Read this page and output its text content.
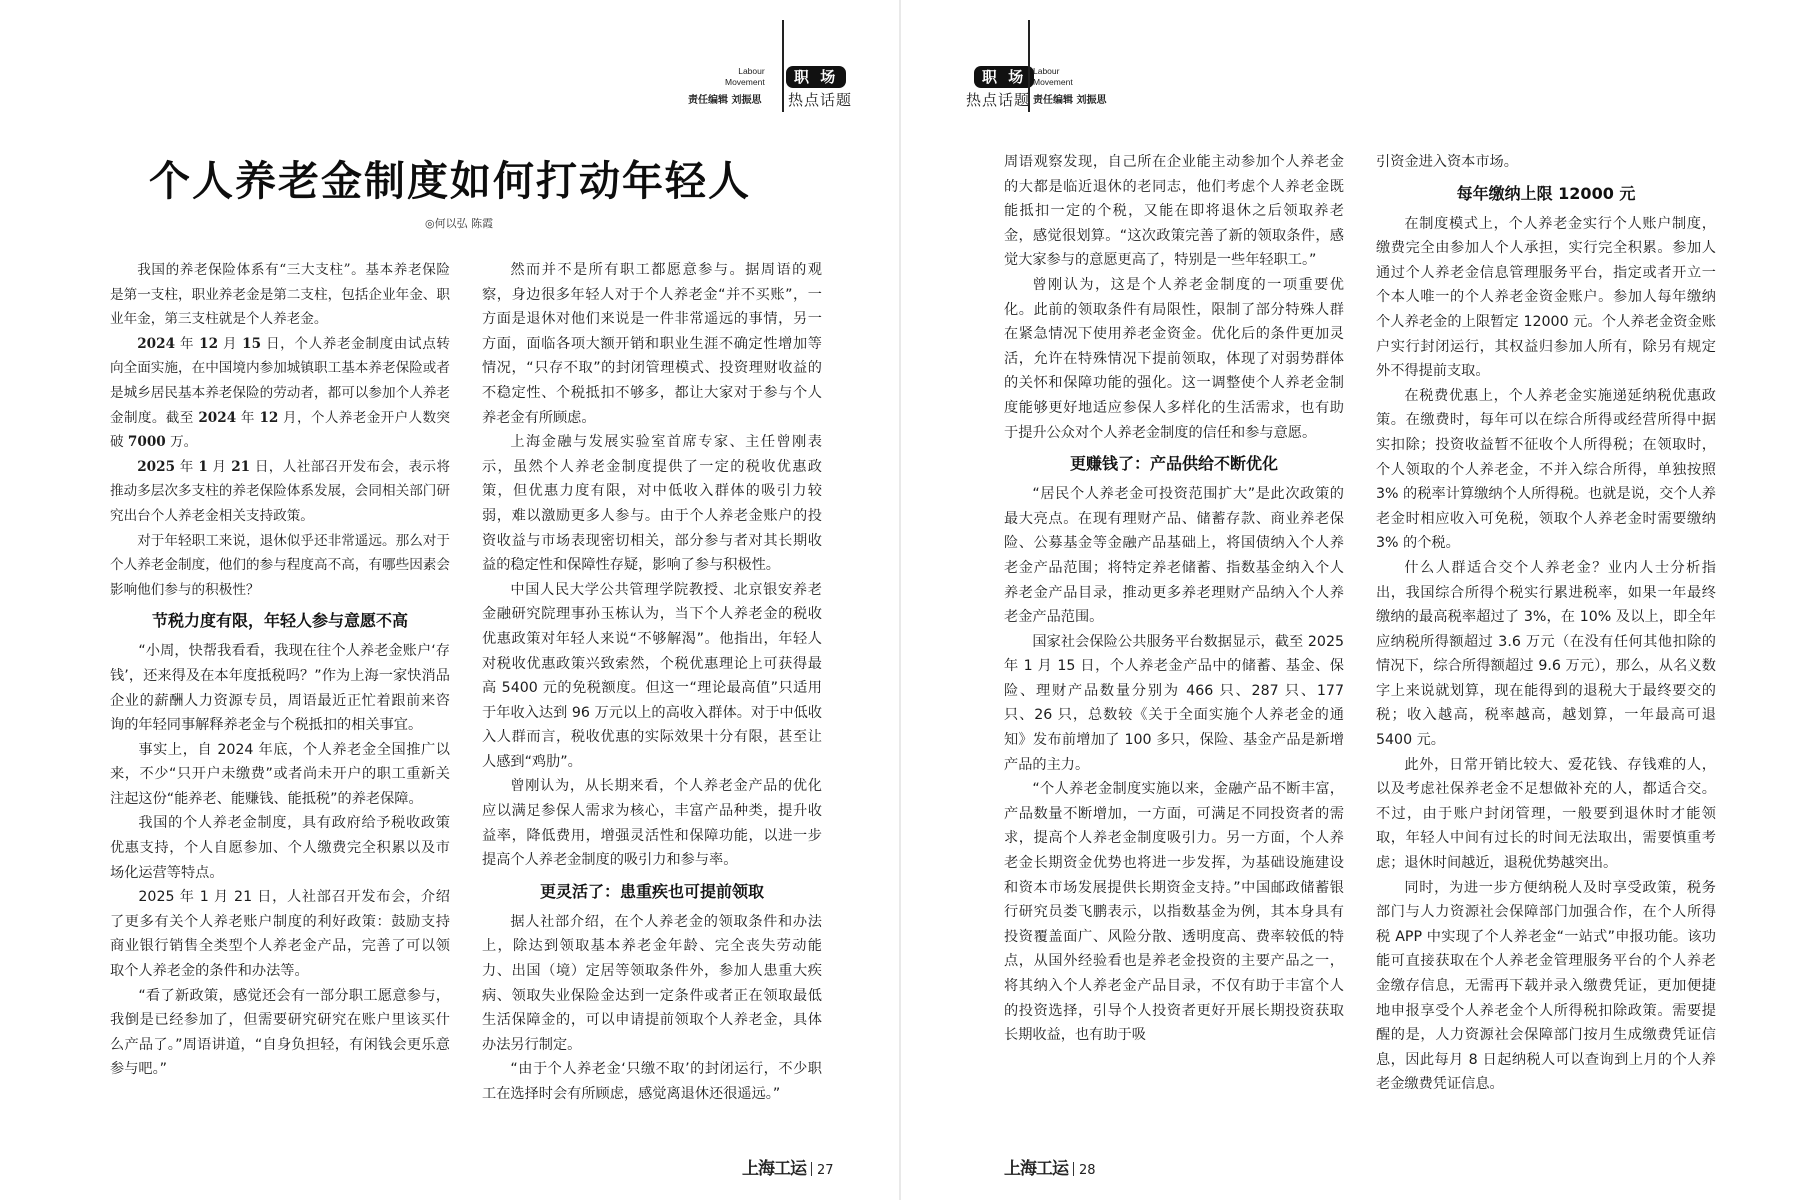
Labour
Movement	职 场
责任编辑 刘振思 热点话题
个人养老金制度如何打动年轻人
◎何以弘 陈霞

我国的养老保险体系有“三大支柱”。基本养老保险是第一支柱，职业养老金是第二支柱，包括企业年金、职业年金，第三支柱就是个人养老金。

2024 年 12 月 15 日，个人养老金制度由试点转向全面实施，在中国境内参加城镇职工基本养老保险或者是城乡居民基本养老保险的劳动者，都可以参加个人养老金制度。截至 2024 年 12 月，个人养老金开户人数突破 7000 万。

2025 年 1 月 21 日，人社部召开发布会，表示将推动多层次多支柱的养老保险体系发展，会同相关部门研究出台个人养老金相关支持政策。

对于年轻职工来说，退休似乎还非常遥远。那么对于个人养老金制度，他们的参与程度高不高，有哪些因素会影响他们参与的积极性？

节税力度有限，年轻人参与意愿不高

“小周，快帮我看看，我现在往个人养老金账户‘存钱’，还来得及在本年度抵税吗？”作为上海一家快消品企业的薪酬人力资源专员，周语最近正忙着跟前来咨询的年轻同事解释养老金与个税抵扣的相关事宜。

事实上，自 2024 年底，个人养老金全国推广以来，不少“只开户未缴费”或者尚未开户的职工重新关注起这份“能养老、能赚钱、能抵税”的养老保障。

我国的个人养老金制度，具有政府给予税收政策优惠支持，个人自愿参加、个人缴费完全积累以及市场化运营等特点。

2025 年 1 月 21 日，人社部召开发布会，介绍了更多有关个人养老账户制度的利好政策：鼓励支持商业银行销售全类型个人养老金产品，完善了可以领取个人养老金的条件和办法等。

“看了新政策，感觉还会有一部分职工愿意参与，我倒是已经参加了，但需要研究研究在账户里该买什么产品了。”周语讲道，“自身负担轻，有闲钱会更乐意参与吧。”

然而并不是所有职工都愿意参与。据周语的观察，身边很多年轻人对于个人养老金“并不买账”，一方面是退休对他们来说是一件非常遥远的事情，另一方面，面临各项大额开销和职业生涯不确定性增加等情况，“只存不取”的封闭管理模式、投资理财收益的不稳定性、个税抵扣不够多，都让大家对于参与个人养老金有所顾虑。

上海金融与发展实验室首席专家、主任曾刚表示，虽然个人养老金制度提供了一定的税收优惠政策，但优惠力度有限，对中低收入群体的吸引力较弱，难以激励更多人参与。由于个人养老金账户的投资收益与市场表现密切相关，部分参与者对其长期收益的稳定性和保障性存疑，影响了参与积极性。

中国人民大学公共管理学院教授、北京银安养老金融研究院理事孙玉栋认为，当下个人养老金的税收优惠政策对年轻人来说“不够解渴”。他指出，年轻人对税收优惠政策兴致索然，个税优惠理论上可获得最高 5400 元的免税额度。但这一“理论最高值”只适用于年收入达到 96 万元以上的高收入群体。对于中低收入人群而言，税收优惠的实际效果十分有限，甚至让人感到“鸡肋”。

曾刚认为，从长期来看，个人养老金产品的优化应以满足参保人需求为核心，丰富产品种类，提升收益率，降低费用，增强灵活性和保障功能，以进一步提高个人养老金制度的吸引力和参与率。

更灵活了：患重疾也可提前领取

据人社部介绍，在个人养老金的领取条件和办法上，除达到领取基本养老金年龄、完全丧失劳动能力、出国（境）定居等领取条件外，参加人患重大疾病、领取失业保险金达到一定条件或者正在领取最低生活保障金的，可以申请提前领取个人养老金，具体办法另行制定。

“由于个人养老金‘只缴不取’的封闭运行，不少职工在选择时会有所顾虑，感觉离退休还很遥远。”

上海工运 27
职 场 Labour
Movement
热点话题 责任编辑 刘振思

周语观察发现，自己所在企业能主动参加个人养老金的大都是临近退休的老同志，他们考虑个人养老金既能抵扣一定的个税，又能在即将退休之后领取养老金，感觉很划算。“这次政策完善了新的领取条件，感觉大家参与的意愿更高了，特别是一些年轻职工。”

曾刚认为，这是个人养老金制度的一项重要优化。此前的领取条件有局限性，限制了部分特殊人群在紧急情况下使用养老金资金。优化后的条件更加灵活，允许在特殊情况下提前领取，体现了对弱势群体的关怀和保障功能的强化。这一调整使个人养老金制度能够更好地适应参保人多样化的生活需求，也有助于提升公众对个人养老金制度的信任和参与意愿。

更赚钱了：产品供给不断优化

“居民个人养老金可投资范围扩大”是此次政策的最大亮点。在现有理财产品、储蓄存款、商业养老保险、公募基金等金融产品基础上，将国债纳入个人养老金产品范围；将特定养老储蓄、指数基金纳入个人养老金产品目录，推动更多养老理财产品纳入个人养老金产品范围。

国家社会保险公共服务平台数据显示，截至 2025 年 1 月 15 日，个人养老金产品中的储蓄、基金、保险、理财产品数量分别为 466 只、287 只、177 只、26 只，总数较《关于全面实施个人养老金的通知》发布前增加了 100 多只，保险、基金产品是新增产品的主力。

“个人养老金制度实施以来，金融产品不断丰富，产品数量不断增加，一方面，可满足不同投资者的需求，提高个人养老金制度吸引力。另一方面，个人养老金长期资金优势也将进一步发挥，为基础设施建设和资本市场发展提供长期资金支持。”中国邮政储蓄银行研究员娄飞鹏表示，以指数基金为例，其本身具有投资覆盖面广、风险分散、透明度高、费率较低的特点，从国外经验看也是养老金投资的主要产品之一，将其纳入个人养老金产品目录，不仅有助于丰富个人的投资选择，引导个人投资者更好开展长期投资获取长期收益，也有助于吸

引资金进入资本市场。

每年缴纳上限 12000 元

在制度模式上，个人养老金实行个人账户制度，缴费完全由参加人个人承担，实行完全积累。参加人通过个人养老金信息管理服务平台，指定或者开立一个本人唯一的个人养老金资金账户。参加人每年缴纳个人养老金的上限暂定 12000 元。个人养老金资金账户实行封闭运行，其权益归参加人所有，除另有规定外不得提前支取。

在税费优惠上，个人养老金实施递延纳税优惠政策。在缴费时，每年可以在综合所得或经营所得中据实扣除；投资收益暂不征收个人所得税；在领取时，个人领取的个人养老金，不并入综合所得，单独按照 3% 的税率计算缴纳个人所得税。也就是说，交个人养老金时相应收入可免税，领取个人养老金时需要缴纳 3% 的个税。

什么人群适合交个人养老金？业内人士分析指出，我国综合所得个税实行累进税率，如果一年最终缴纳的最高税率超过了 3%，在 10% 及以上，即全年应纳税所得额超过 3.6 万元（在没有任何其他扣除的情况下，综合所得额超过 9.6 万元），那么，从名义数字上来说就划算，现在能得到的退税大于最终要交的税；收入越高，税率越高，越划算，一年最高可退 5400 元。

此外，日常开销比较大、爱花钱、存钱难的人，以及考虑社保养老金不足想做补充的人，都适合交。不过，由于账户封闭管理，一般要到退休时才能领取，年轻人中间有过长的时间无法取出，需要慎重考虑；退休时间越近，退税优势越突出。

同时，为进一步方便纳税人及时享受政策，税务部门与人力资源社会保障部门加强合作，在个人所得税 APP 中实现了个人养老金“一站式”申报功能。该功能可直接获取在个人养老金管理服务平台的个人养老金缴存信息，无需再下载并录入缴费凭证，更加便捷地申报享受个人养老金个人所得税扣除政策。需要提醒的是，人力资源社会保障部门按月生成缴费凭证信息，因此每月 8 日起纳税人可以查询到上月的个人养老金缴费凭证信息。

上海工运 28
